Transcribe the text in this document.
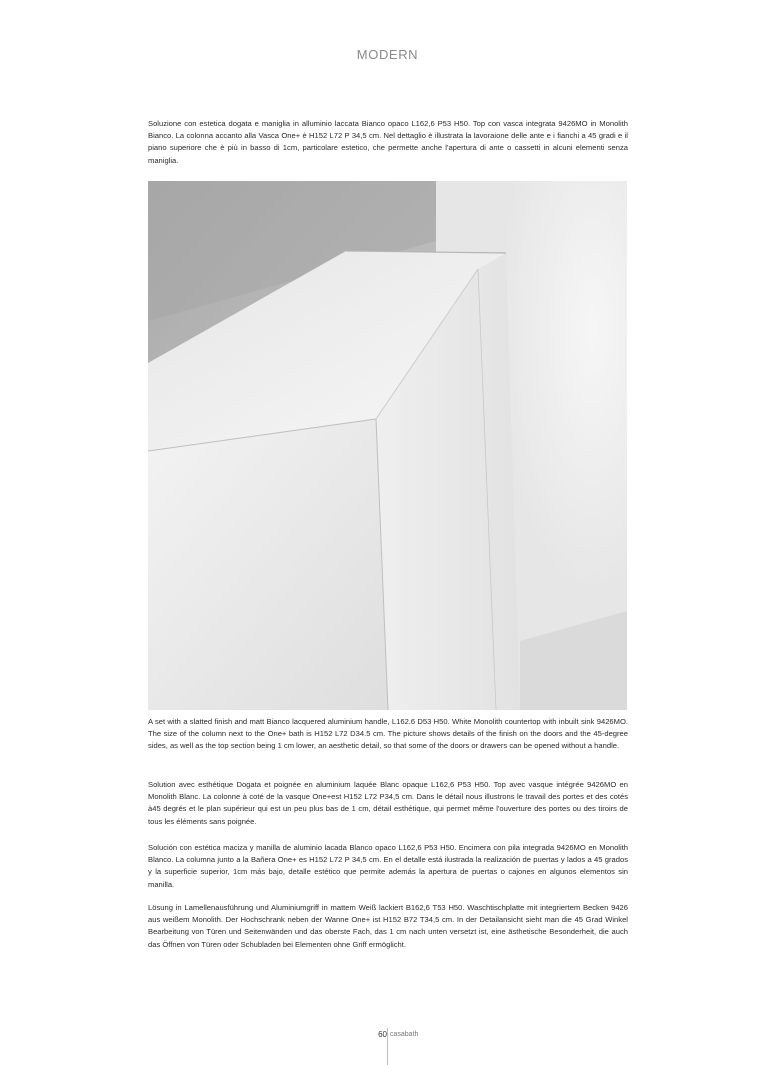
MODERN

Soluzione con estetica dogata e maniglia in alluminio laccata Bianco opaco L162,6 P53 H50. Top con vasca integrata 9426MO in Monolith Bianco. La colonna accanto alla Vasca One+ è H152 L72 P 34,5 cm. Nel dettaglio è illustrata la lavoraione delle ante e i fianchi a 45 gradi e il piano superiore che è più in basso di 1cm, particolare estetico, che permette anche l'apertura di ante o cassetti in alcuni elementi senza maniglia.

A set with a slatted finish and matt Bianco lacquered aluminium handle, L162.6 D53 H50. White Monolith countertop with inbuilt sink 9426MO. The size of the column next to the One+ bath is H152 L72 D34.5 cm. The picture shows details of the finish on the doors and the 45-degree sides, as well as the top section being 1 cm lower, an aesthetic detail, so that some of the doors or drawers can be opened without a handle.

Solution avec esthétique Dogata et poignée en aluminium laquée Blanc opaque L162,6 P53 H50. Top avec vasque intégrée 9426MO en Monolith Blanc. La colonne à coté de la vasque One+est H152 L72 P34,5 cm. Dans le détail nous illustrons le travail des portes et des cotés à45 degrés et le plan supérieur qui est un peu plus bas de 1 cm, détail esthétique, qui permet même l'ouverture des portes ou des tiroirs de tous les éléments sans poignée.

Solución con estética maciza y manilla de aluminio lacada Blanco opaco L162,6 P53 H50. Encimera con pila integrada 9426MO en Monolith Blanco. La columna junto a la Bañera One+ es H152 L72 P 34,5 cm. En el detalle está ilustrada la realización de puertas y lados a 45 grados y la superficie superior, 1cm más bajo, detalle estético que permite además la apertura de puertas o cajones en algunos elementos sin manilla.

Lösung in Lamellenausführung und Aluminiumgriff in mattem Weiß lackiert B162,6 T53 H50. Waschtischplatte mit integriertem Becken 9426 aus weißem Monolith. Der Hochschrank neben der Wanne One+ ist H152 B72 T34,5 cm. In der Detailansicht sieht man die 45 Grad Winkel Bearbeitung von Türen und Seitenwänden und das oberste Fach, das 1 cm nach unten versetzt ist, eine ästhetische Besonderheit, die auch das Öffnen von Türen oder Schubladen bei Elementen ohne Griff ermöglicht.

60 casabath
